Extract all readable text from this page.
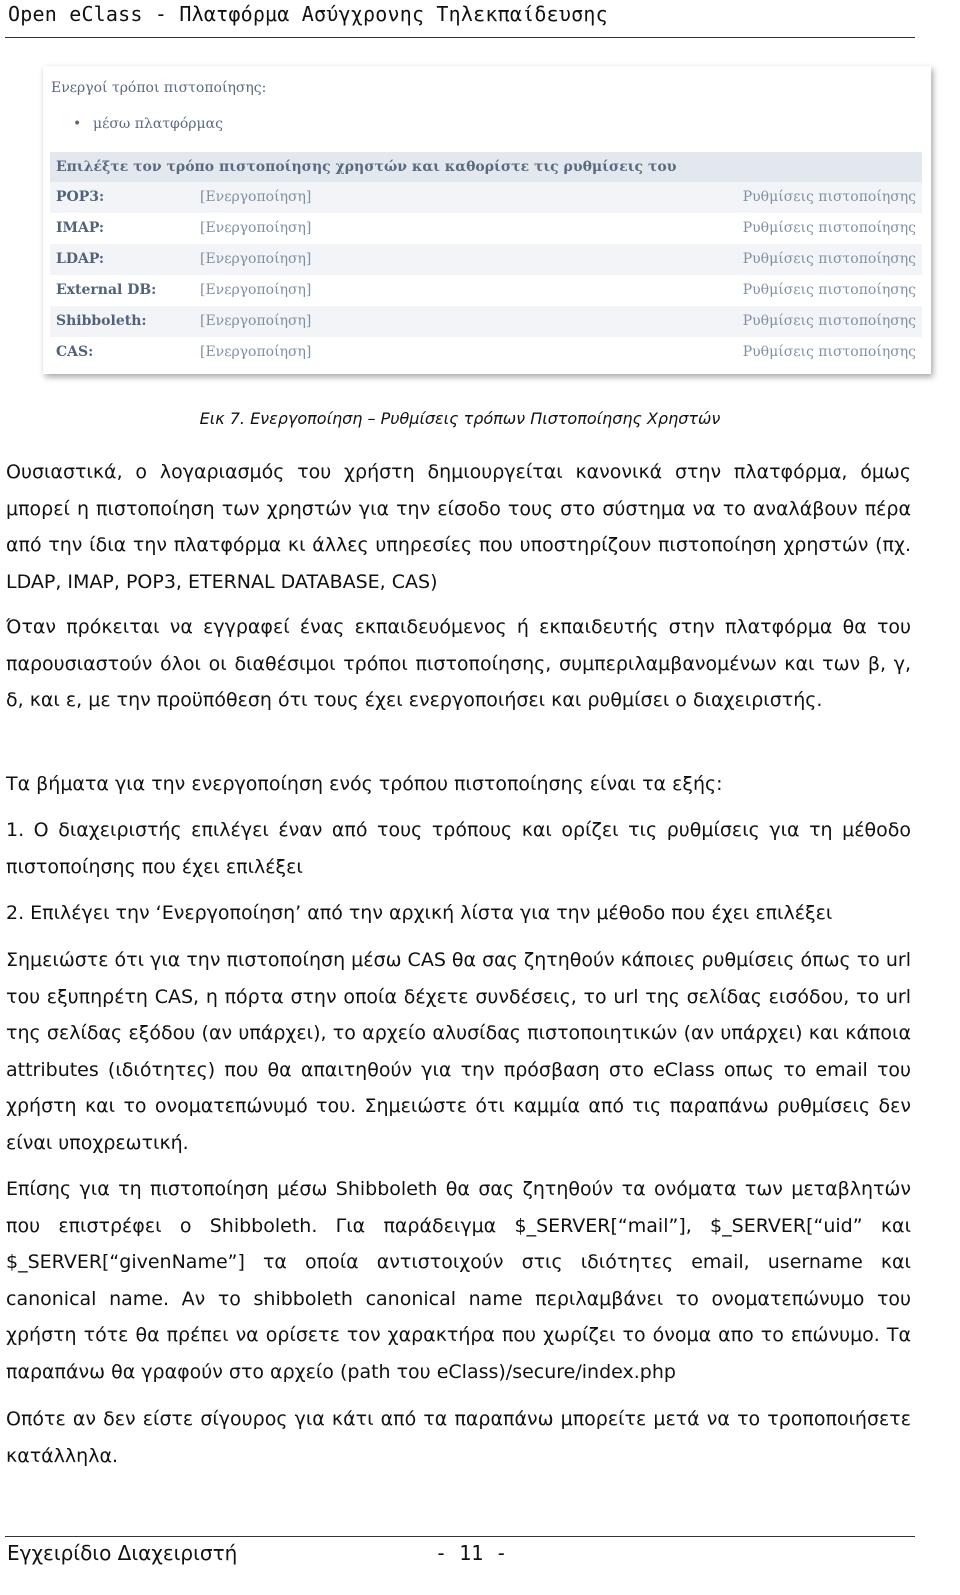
Open eClass - Πλατφόρμα Ασύγχρονης Τηλεκπαίδευσης
Ενεργοί τρόποι πιστοποίησης:
• μέσω πλατφόρμας
Επιλέξτε τον τρόπο πιστοποίησης χρηστών και καθορίστε τις ρυθμίσεις του
POP3:	[Ενεργοποίηση]	Ρυθμίσεις πιστοποίησης
IMAP:	[Ενεργοποίηση]	Ρυθμίσεις πιστοποίησης
LDAP:	[Ενεργοποίηση]	Ρυθμίσεις πιστοποίησης
External DB:	[Ενεργοποίηση]	Ρυθμίσεις πιστοποίησης
Shibboleth:	[Ενεργοποίηση]	Ρυθμίσεις πιστοποίησης
CAS:	[Ενεργοποίηση]	Ρυθμίσεις πιστοποίησης
Εικ 7. Ενεργοποίηση – Ρυθμίσεις τρόπων Πιστοποίησης Χρηστών
Ουσιαστικά, ο λογαριασμός του χρήστη δημιουργείται κανονικά στην πλατφόρμα, όμως μπορεί η πιστοποίηση των χρηστών για την είσοδο τους στο σύστημα να το αναλάβουν πέρα από την ίδια την πλατφόρμα κι άλλες υπηρεσίες που υποστηρίζουν πιστοποίηση χρηστών (πχ. LDAP, IMAP, POP3, ETERNAL DATABASE, CAS)
Όταν πρόκειται να εγγραφεί ένας εκπαιδευόμενος ή εκπαιδευτής στην πλατφόρμα θα του παρουσιαστούν όλοι οι διαθέσιμοι τρόποι πιστοποίησης, συμπεριλαμβανομένων και των β, γ, δ, και ε, με την προϋπόθεση ότι τους έχει ενεργοποιήσει και ρυθμίσει ο διαχειριστής.
Τα βήματα για την ενεργοποίηση ενός τρόπου πιστοποίησης είναι τα εξής:
1. Ο διαχειριστής επιλέγει έναν από τους τρόπους και ορίζει τις ρυθμίσεις για τη μέθοδο πιστοποίησης που έχει επιλέξει
2. Επιλέγει την ‘Ενεργοποίηση’ από την αρχική λίστα για την μέθοδο που έχει επιλέξει
Σημειώστε ότι για την πιστοποίηση μέσω CAS θα σας ζητηθούν κάποιες ρυθμίσεις όπως το url του εξυπηρέτη CAS, η πόρτα στην οποία δέχετε συνδέσεις, το url της σελίδας εισόδου, το url της σελίδας εξόδου (αν υπάρχει), το αρχείο αλυσίδας πιστοποιητικών (αν υπάρχει) και κάποια attributes (ιδιότητες) που θα απαιτηθούν για την πρόσβαση στο eClass οπως το email του χρήστη και το ονοματεπώνυμό του. Σημειώστε ότι καμμία από τις παραπάνω ρυθμίσεις δεν είναι υποχρεωτική.
Επίσης για τη πιστοποίηση μέσω Shibboleth θα σας ζητηθούν τα ονόματα των μεταβλητών που επιστρέφει ο Shibboleth. Για παράδειγμα $_SERVER[“mail”], $_SERVER[“uid” και $_SERVER[“givenName”] τα οποία αντιστοιχούν στις ιδιότητες email, username και canonical name. Αν το shibboleth canonical name περιλαμβάνει το ονοματεπώνυμο του χρήστη τότε θα πρέπει να ορίσετε τον χαρακτήρα που χωρίζει το όνομα απο το επώνυμο. Τα παραπάνω θα γραφούν στο αρχείο (path του eClass)/secure/index.php
Οπότε αν δεν είστε σίγουρος για κάτι από τα παραπάνω μπορείτε μετά να το τροποποιήσετε κατάλληλα.
Εγχειρίδιο Διαχειριστή	- 11 -
